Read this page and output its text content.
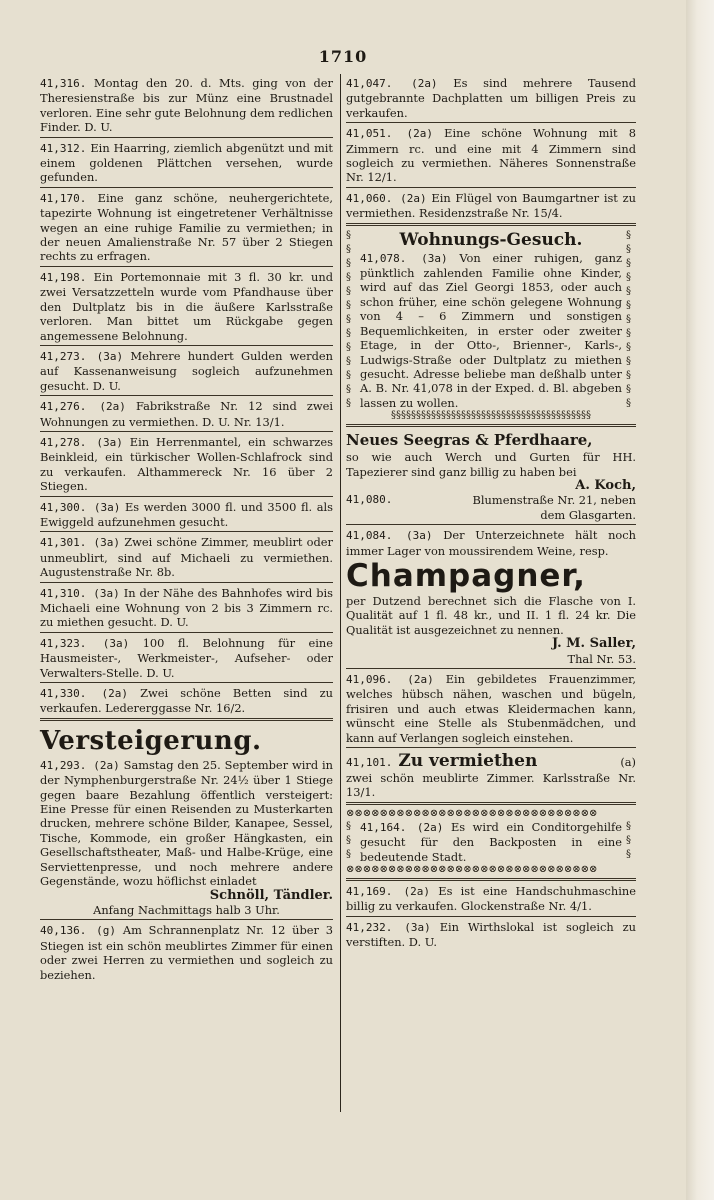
1710
41,316. Montag den 20. d. Mts. ging von der Theresienstraße bis zur Münz eine Brustnadel verloren. Eine sehr gute Belohnung dem redlichen Finder. D. U.
41,312. Ein Haarring, ziemlich abgenützt und mit einem goldenen Plättchen versehen, wurde gefunden.
41,170. Eine ganz schöne, neuhergerichtete, tapezirte Wohnung ist eingetretener Verhältnisse wegen an eine ruhige Familie zu vermiethen; in der neuen Amalienstraße Nr. 57 über 2 Stiegen rechts zu erfragen.
41,198. Ein Portemonnaie mit 3 fl. 30 kr. und zwei Versatzzetteln wurde vom Pfandhause über den Dultplatz bis in die äußere Karlsstraße verloren. Man bittet um Rückgabe gegen angemessene Belohnung.
41,273. (3a) Mehrere hundert Gulden werden auf Kassenanweisung sogleich aufzunehmen gesucht. D. U.
41,276. (2a) Fabrikstraße Nr. 12 sind zwei Wohnungen zu vermiethen. D. U. Nr. 13/1.
41,278. (3a) Ein Herrenmantel, ein schwarzes Beinkleid, ein türkischer Wollen-Schlafrock sind zu verkaufen. Althammereck Nr. 16 über 2 Stiegen.
41,300. (3a) Es werden 3000 fl. und 3500 fl. als Ewiggeld aufzunehmen gesucht.
41,301. (3a) Zwei schöne Zimmer, meublirt oder unmeublirt, sind auf Michaeli zu vermiethen. Augustenstraße Nr. 8b.
41,310. (3a) In der Nähe des Bahnhofes wird bis Michaeli eine Wohnung von 2 bis 3 Zimmern rc. zu miethen gesucht. D. U.
41,323. (3a) 100 fl. Belohnung für eine Hausmeister-, Werkmeister-, Aufseher- oder Verwalters-Stelle. D. U.
41,330. (2a) Zwei schöne Betten sind zu verkaufen. Ledererggasse Nr. 16/2.
Versteigerung.
41,293. (2a) Samstag den 25. September wird in der Nymphenburgerstraße Nr. 24½ über 1 Stiege gegen baare Bezahlung öffentlich versteigert: Eine Presse für einen Reisenden zu Musterkarten drucken, mehrere schöne Bilder, Kanapee, Sessel, Tische, Kommode, ein großer Hängkasten, ein Gesellschaftstheater, Maß- und Halbe-Krüge, eine Serviettenpresse, und noch mehrere andere Gegenstände, wozu höflichst einladet
Schnöll, Tändler.
Anfang Nachmittags halb 3 Uhr.
40,136. (g) Am Schrannenplatz Nr. 12 über 3 Stiegen ist ein schön meublirtes Zimmer für einen oder zwei Herren zu vermiethen und sogleich zu beziehen.
41,047. (2a) Es sind mehrere Tausend gutgebrannte Dachplatten um billigen Preis zu verkaufen.
41,051. (2a) Eine schöne Wohnung mit 8 Zimmern rc. und eine mit 4 Zimmern sind sogleich zu vermiethen. Näheres Sonnenstraße Nr. 12/1.
41,060. (2a) Ein Flügel von Baumgartner ist zu vermiethen. Residenzstraße Nr. 15/4.
§
§
§
§
§
§
§
§
§
§
§
§
§

§
§
§
§
§
§
§
§
§
§
§
§
§

Wohnungs-Gesuch.
41,078. (3a) Von einer ruhigen, ganz pünktlich zahlenden Familie ohne Kinder, wird auf das Ziel Georgi 1853, oder auch schon früher, eine schön gelegene Wohnung von 4 – 6 Zimmern und sonstigen Bequemlichkeiten, in erster oder zweiter Etage, in der Otto-, Brienner-, Karls-, Ludwigs-Straße oder Dultplatz zu miethen gesucht. Adresse beliebe man deßhalb unter A. B. Nr. 41,078 in der Exped. d. Bl. abgeben lassen zu wollen.
§§§§§§§§§§§§§§§§§§§§§§§§§§§§§§§§§§§§§§§§
Neues Seegras & Pferdhaare,
so wie auch Werch und Gurten für HH. Tapezierer sind ganz billig zu haben bei
A. Koch,
41,080.	Blumenstraße Nr. 21, neben dem Glasgarten.
41,084. (3a) Der Unterzeichnete hält noch immer Lager von moussirendem Weine, resp.
Champagner,
per Dutzend berechnet sich die Flasche von I. Qualität auf 1 fl. 48 kr., und II. 1 fl. 24 kr. Die Qualität ist ausgezeichnet zu nennen.
J. M. Saller,
Thal Nr. 53.
41,096. (2a) Ein gebildetes Frauenzimmer, welches hübsch nähen, waschen und bügeln, frisiren und auch etwas Kleidermachen kann, wünscht eine Stelle als Stubenmädchen, und kann auf Verlangen sogleich einstehen.
41,101. Zu vermiethen	(a)
zwei schön meublirte Zimmer. Karlsstraße Nr. 13/1.
⊗⊗⊗⊗⊗⊗⊗⊗⊗⊗⊗⊗⊗⊗⊗⊗⊗⊗⊗⊗⊗⊗⊗⊗⊗⊗⊗⊗⊗⊗
§
§
§
§
§
§
41,164. (2a) Es wird ein Conditorgehilfe gesucht für den Backposten in eine bedeutende Stadt.
⊗⊗⊗⊗⊗⊗⊗⊗⊗⊗⊗⊗⊗⊗⊗⊗⊗⊗⊗⊗⊗⊗⊗⊗⊗⊗⊗⊗⊗⊗
41,169. (2a) Es ist eine Handschuhmaschine billig zu verkaufen. Glockenstraße Nr. 4/1.
41,232. (3a) Ein Wirthslokal ist sogleich zu verstiften. D. U.
